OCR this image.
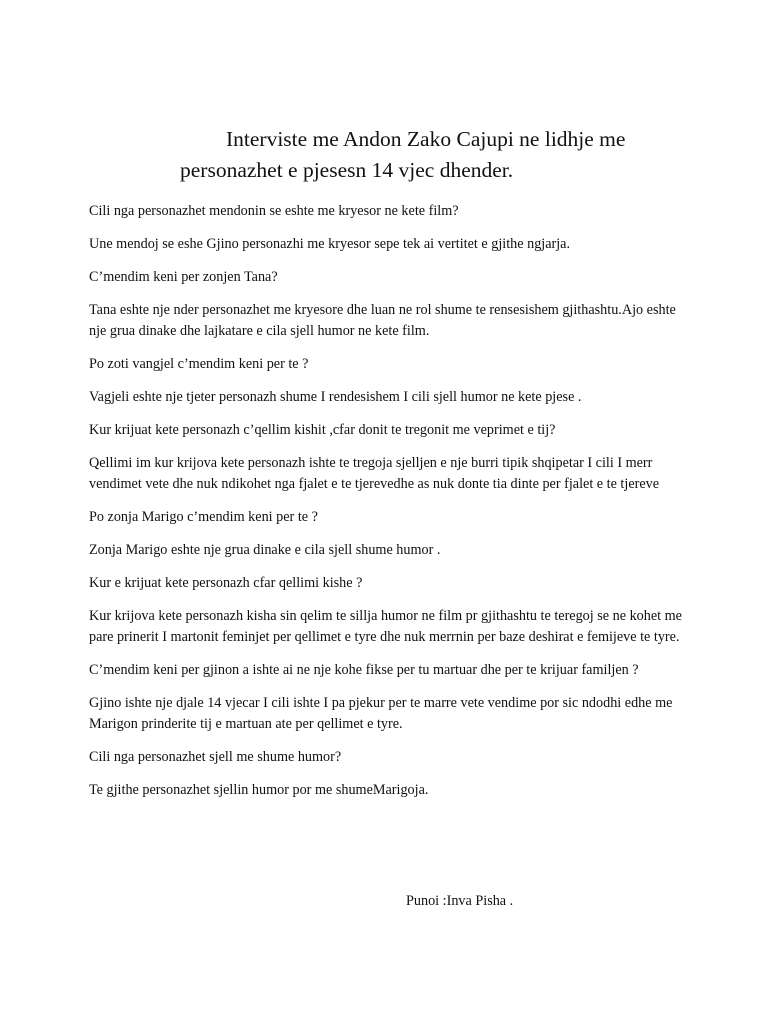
Interviste me Andon Zako Cajupi ne lidhje me
personazhet e pjesesn 14 vjec dhender.

Cili nga personazhet mendonin se eshte me kryesor ne kete film?

Une mendoj se eshe Gjino personazhi me kryesor sepe tek ai vertitet e gjithe ngjarja.

C’mendim keni per zonjen Tana?

Tana eshte nje nder personazhet me kryesore dhe luan ne rol shume te rensesishem gjithashtu.Ajo eshte nje grua dinake dhe lajkatare e cila sjell humor ne kete film.

Po zoti vangjel c’mendim keni per te ?

Vagjeli eshte nje tjeter personazh shume I rendesishem I cili sjell humor ne kete pjese .

Kur krijuat kete personazh c’qellim kishit ,cfar donit te tregonit me veprimet e tij?

Qellimi im kur krijova kete personazh ishte te tregoja sjelljen e nje burri tipik shqipetar I cili I merr vendimet vete dhe nuk ndikohet nga fjalet e te tjerevedhe as nuk donte tia dinte per fjalet e te tjereve

Po zonja Marigo c’mendim keni per te ?

Zonja Marigo eshte nje grua dinake e cila sjell shume humor .

Kur e krijuat kete personazh cfar qellimi kishe ?

Kur krijova kete personazh kisha sin qelim te sillja humor ne film pr gjithashtu te teregoj se ne kohet me pare prinerit I martonit feminjet per qellimet e tyre dhe nuk merrnin per baze deshirat e femijeve te tyre.

C’mendim keni per gjinon a ishte ai ne nje kohe fikse per tu martuar dhe per te krijuar familjen ?

Gjino ishte nje djale 14 vjecar I cili ishte I pa pjekur per te marre vete vendime por sic ndodhi edhe me Marigon prinderite tij e martuan ate per qellimet e tyre.

Cili nga personazhet sjell me shume humor?

Te gjithe personazhet sjellin humor por me shumeMarigoja.

Punoi :Inva Pisha .
